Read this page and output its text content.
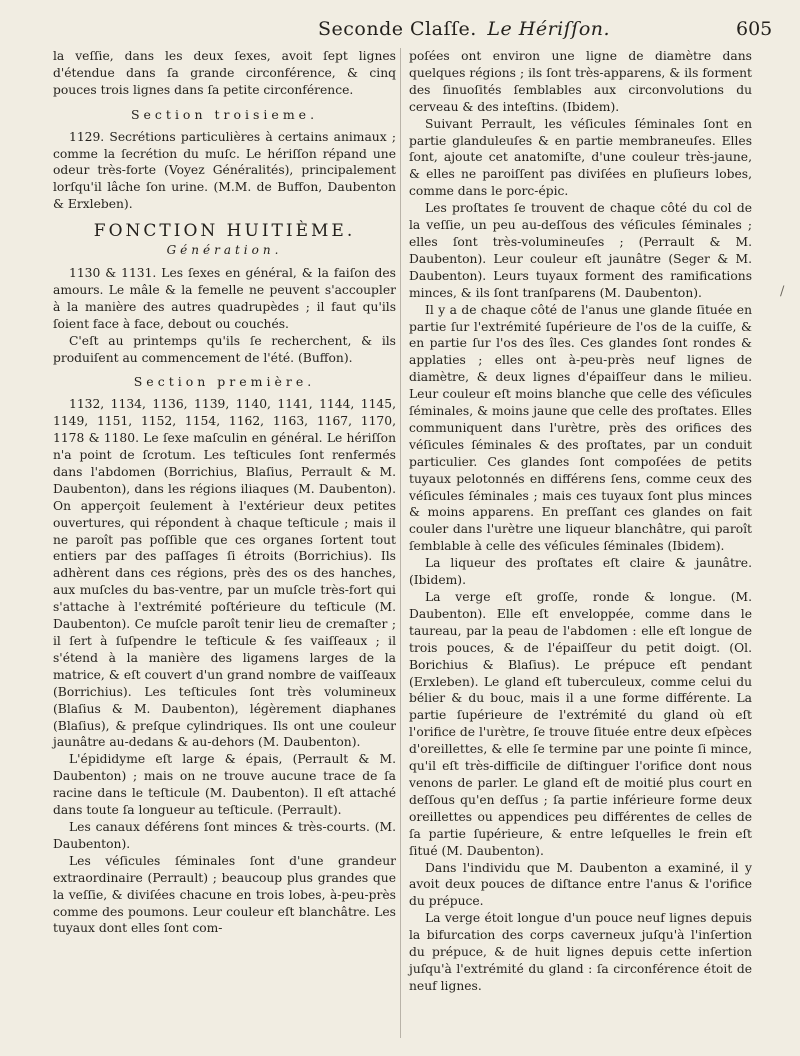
Seconde Claſſe. Le Hériſſon.	605
/

la veſſie, dans les deux ſexes, avoit ſept lignes d'étendue dans ſa grande circonférence, & cinq pouces trois lignes dans ſa petite circonférence.

Section troisieme.

1129. Secrétions particulières à certains animaux ; comme la ſecrétion du muſc. Le hériſſon répand une odeur très-forte (Voyez Généralités), principalement lorſqu'il lâche ſon urine. (M.M. de Buffon, Daubenton & Erxleben).

FONCTION HUITIÈME.

Génération.

1130 & 1131. Les ſexes en général, & la faiſon des amours. Le mâle & la femelle ne peuvent s'accoupler à la manière des autres quadrupèdes ; il faut qu'ils ſoient face à face, debout ou couchés.

C'eſt au printemps qu'ils ſe recherchent, & ils produiſent au commencement de l'été. (Buffon).

Section première.

1132, 1134, 1136, 1139, 1140, 1141, 1144, 1145, 1149, 1151, 1152, 1154, 1162, 1163, 1167, 1170, 1178 & 1180. Le ſexe maſculin en général. Le hériſſon n'a point de ſcrotum. Les teſticules ſont renfermés dans l'abdomen (Borrichius, Blaſius, Perrault & M. Daubenton), dans les régions iliaques (M. Daubenton). On apperçoit ſeulement à l'extérieur deux petites ouvertures, qui répondent à chaque teſticule ; mais il ne paroît pas poſſible que ces organes ſortent tout entiers par des paſſages ſi étroits (Borrichius). Ils adhèrent dans ces régions, près des os des hanches, aux muſcles du bas-ventre, par un muſcle très-fort qui s'attache à l'extrémité poſtérieure du teſticule (M. Daubenton). Ce muſcle paroît tenir lieu de cremaſter ; il ſert à ſuſpendre le teſticule & ſes vaiſſeaux ; il s'étend à la manière des ligamens larges de la matrice, & eſt couvert d'un grand nombre de vaiſſeaux (Borrichius). Les teſticules ſont très volumineux (Blaſius & M. Daubenton), légèrement diaphanes (Blaſius), & preſque cylindriques. Ils ont une couleur jaunâtre au-dedans & au-dehors (M. Daubenton).

L'épididyme eſt large & épais, (Perrault & M. Daubenton) ; mais on ne trouve aucune trace de ſa racine dans le teſticule (M. Daubenton). Il eſt attaché dans toute ſa longueur au teſticule. (Perrault).

Les canaux déférens ſont minces & très-courts. (M. Daubenton).

Les véſicules ſéminales ſont d'une grandeur extraordinaire (Perrault) ; beaucoup plus grandes que la veſſie, & diviſées chacune en trois lobes, à-peu-près comme des poumons. Leur couleur eſt blanchâtre. Les tuyaux dont elles ſont com-

poſées ont environ une ligne de diamètre dans quelques régions ; ils ſont très-apparens, & ils forment des ſinuoſités ſemblables aux circonvolutions du cerveau & des inteſtins. (Ibidem).

Suivant Perrault, les véſicules ſéminales ſont en partie glanduleuſes & en partie membraneuſes. Elles ſont, ajoute cet anatomiſte, d'une couleur très-jaune, & elles ne paroiſſent pas diviſées en pluſieurs lobes, comme dans le porc-épic.

Les proſtates ſe trouvent de chaque côté du col de la veſſie, un peu au-deſſous des véſicules ſéminales ; elles ſont très-volumineuſes ; (Perrault & M. Daubenton). Leur couleur eſt jaunâtre (Seger & M. Daubenton). Leurs tuyaux forment des ramifications minces, & ils ſont tranſparens (M. Daubenton).

Il y a de chaque côté de l'anus une glande ſituée en partie ſur l'extrémité ſupérieure de l'os de la cuiſſe, & en partie ſur l'os des îles. Ces glandes ſont rondes & applaties ; elles ont à-peu-près neuf lignes de diamètre, & deux lignes d'épaiſſeur dans le milieu. Leur couleur eſt moins blanche que celle des véſicules ſéminales, & moins jaune que celle des proſtates. Elles communiquent dans l'urètre, près des orifices des véſicules ſéminales & des proſtates, par un conduit particulier. Ces glandes ſont compoſées de petits tuyaux pelotonnés en différens ſens, comme ceux des véſicules ſéminales ; mais ces tuyaux ſont plus minces & moins apparens. En preſſant ces glandes on fait couler dans l'urètre une liqueur blanchâtre, qui paroît ſemblable à celle des véſicules ſéminales (Ibidem).

La liqueur des proſtates eſt claire & jaunâtre. (Ibidem).

La verge eſt groſſe, ronde & longue. (M. Daubenton). Elle eſt enveloppée, comme dans le taureau, par la peau de l'abdomen : elle eſt longue de trois pouces, & de l'épaiſſeur du petit doigt. (Ol. Borichius & Blaſius). Le prépuce eſt pendant (Erxleben). Le gland eſt tuberculeux, comme celui du bélier & du bouc, mais il a une forme différente. La partie ſupérieure de l'extrémité du gland où eſt l'orifice de l'urètre, ſe trouve ſituée entre deux eſpèces d'oreillettes, & elle ſe termine par une pointe ſi mince, qu'il eſt très-difficile de diſtinguer l'orifice dont nous venons de parler. Le gland eſt de moitié plus court en deſſous qu'en deſſus ; ſa partie inférieure forme deux oreillettes ou appendices peu différentes de celles de ſa partie ſupérieure, & entre leſquelles le frein eſt ſitué (M. Daubenton).

Dans l'individu que M. Daubenton a examiné, il y avoit deux pouces de diſtance entre l'anus & l'orifice du prépuce.

La verge étoit longue d'un pouce neuf lignes depuis la bifurcation des corps caverneux juſqu'à l'inſertion du prépuce, & de huit lignes depuis cette inſertion juſqu'à l'extrémité du gland : ſa circonférence étoit de neuf lignes.
